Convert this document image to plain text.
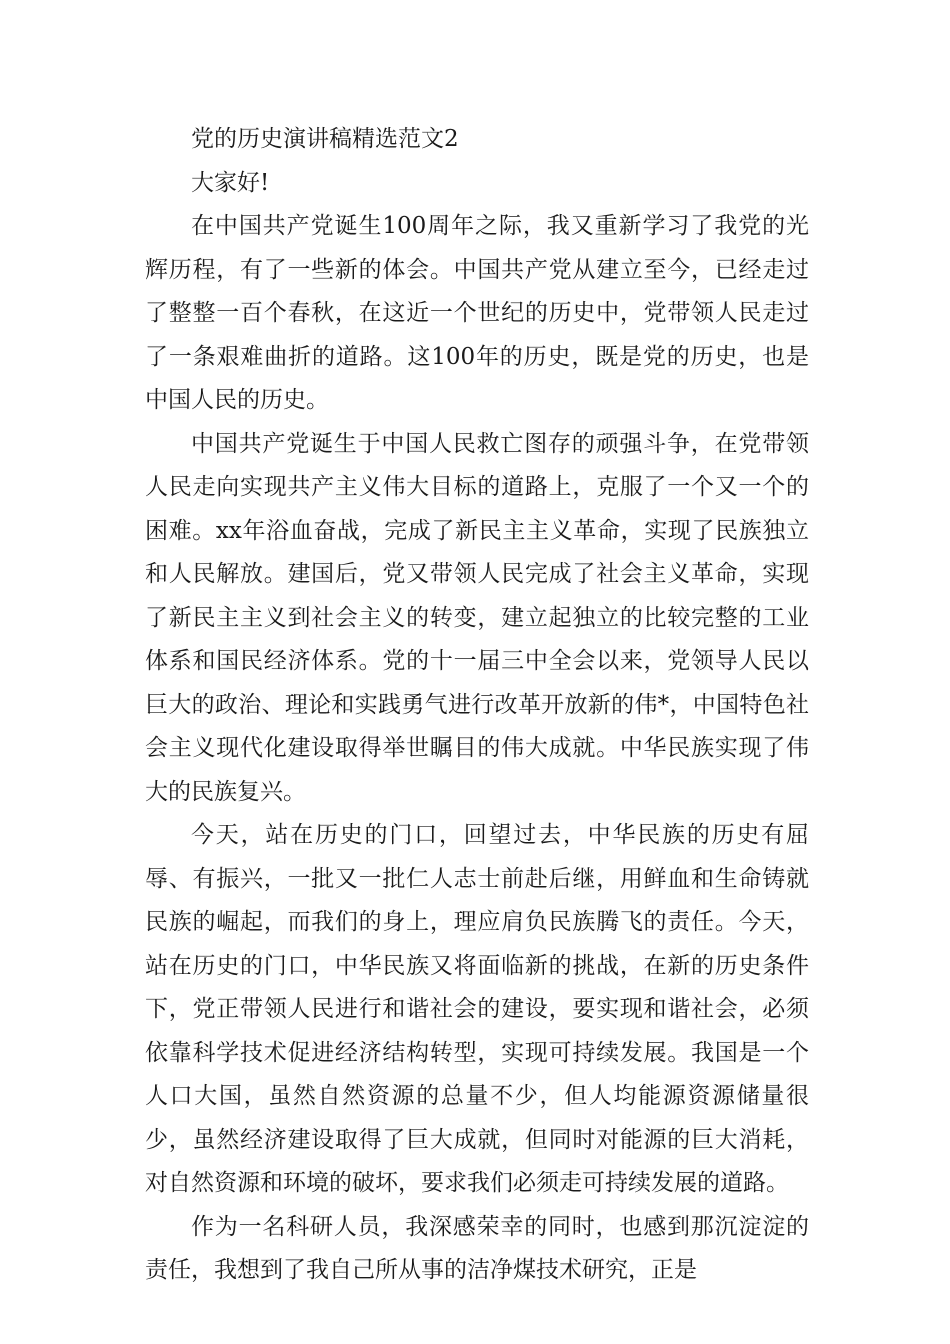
党的历史演讲稿精选范文2

大家好!

在中国共产党诞生100周年之际，我又重新学习了我党的光辉历程，有了一些新的体会。中国共产党从建立至今，已经走过了整整一百个春秋，在这近一个世纪的历史中，党带领人民走过了一条艰难曲折的道路。这100年的历史，既是党的历史，也是中国人民的历史。

中国共产党诞生于中国人民救亡图存的顽强斗争，在党带领人民走向实现共产主义伟大目标的道路上，克服了一个又一个的困难。xx年浴血奋战，完成了新民主主义革命，实现了民族独立和人民解放。建国后，党又带领人民完成了社会主义革命，实现了新民主主义到社会主义的转变，建立起独立的比较完整的工业体系和国民经济体系。党的十一届三中全会以来，党领导人民以巨大的政治、理论和实践勇气进行改革开放新的伟*，中国特色社会主义现代化建设取得举世瞩目的伟大成就。中华民族实现了伟大的民族复兴。

今天，站在历史的门口，回望过去，中华民族的历史有屈辱、有振兴，一批又一批仁人志士前赴后继，用鲜血和生命铸就民族的崛起，而我们的身上，理应肩负民族腾飞的责任。今天，站在历史的门口，中华民族又将面临新的挑战，在新的历史条件下，党正带领人民进行和谐社会的建设，要实现和谐社会，必须依靠科学技术促进经济结构转型，实现可持续发展。我国是一个人口大国，虽然自然资源的总量不少，但人均能源资源储量很少，虽然经济建设取得了巨大成就，但同时对能源的巨大消耗，对自然资源和环境的破坏，要求我们必须走可持续发展的道路。

作为一名科研人员，我深感荣幸的同时，也感到那沉淀淀的责任，我想到了我自己所从事的洁净煤技术研究，正是
